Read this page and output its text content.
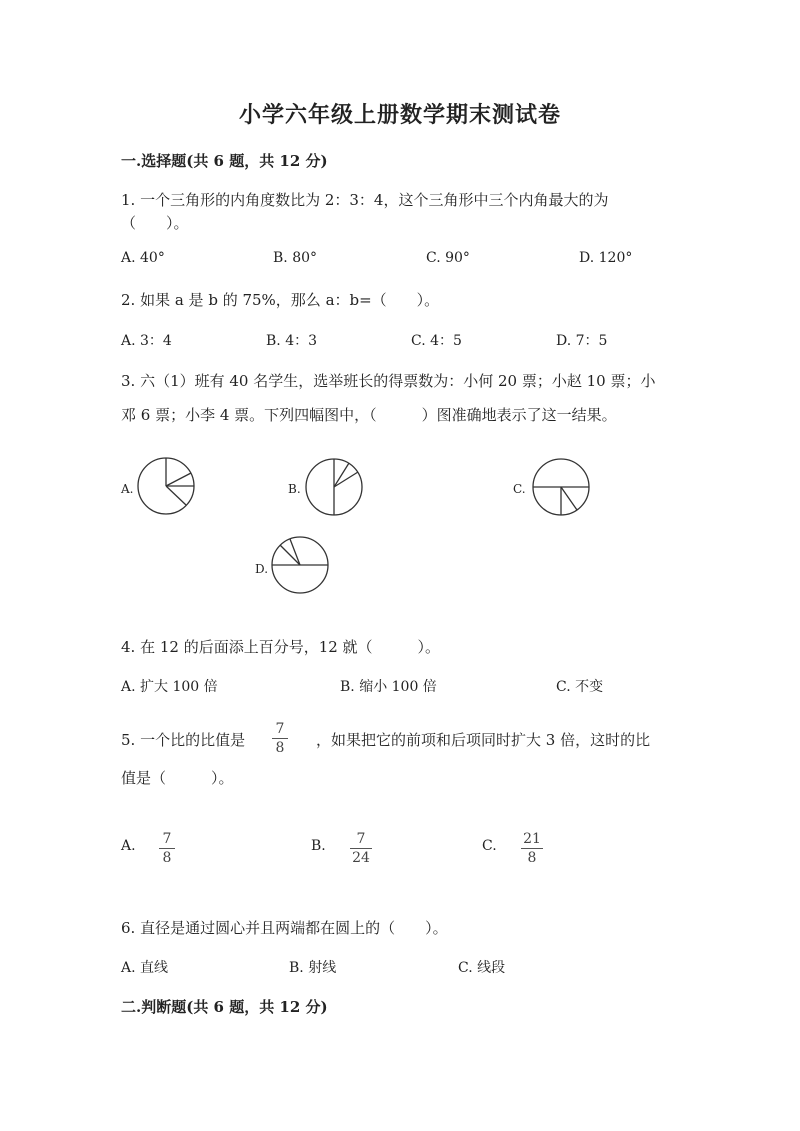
小学六年级上册数学期末测试卷
一.选择题(共 6 题，共 12 分)
1. 一个三角形的内角度数比为 2：3：4，这个三角形中三个内角最大的为
（　　）。
A. 40°	B. 80°	C. 90°	D. 120°
2. 如果 a 是 b 的 75%，那么 a：b=（　　）。
A. 3：4	B. 4：3	C. 4：5	D. 7：5
3. 六（1）班有 40 名学生，选举班长的得票数为：小何 20 票；小赵 10 票；小
邓 6 票；小李 4 票。下列四幅图中，（　　　）图准确地表示了这一结果。
A.	B.	C.
D.
4. 在 12 的后面添上百分号，12 就（　　　）。
A. 扩大 100 倍	B. 缩小 100 倍	C. 不变
5. 一个比的比值是
7
8 ，如果把它的前项和后项同时扩大 3 倍，这时的比
值是（　　　）。
A. 7
8
B.	7
24
C. 21
8
6. 直径是通过圆心并且两端都在圆上的（　　）。
A. 直线	B. 射线	C. 线段
二.判断题(共 6 题，共 12 分)
